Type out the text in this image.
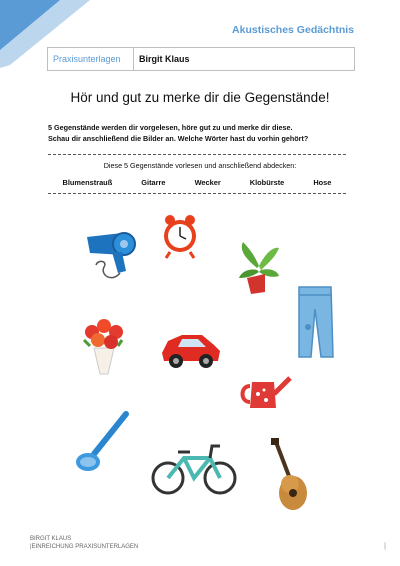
Akustisches Gedächtnis
Praxisunterlagen	Birgit Klaus
Hör und gut zu merke dir die Gegenstände!
5 Gegenstände werden dir vorgelesen, höre gut zu und merke dir diese.
Schau dir anschließend die Bilder an. Welche Wörter hast du vorhin gehört?
Diese 5 Gegenstände vorlesen und anschließend abdecken:
Blumenstrauß	Gitarre	Wecker	Klobürste	Hose
BIRGIT KLAUS
|EINREICHUNG PRAXISUNTERLAGEN	|
